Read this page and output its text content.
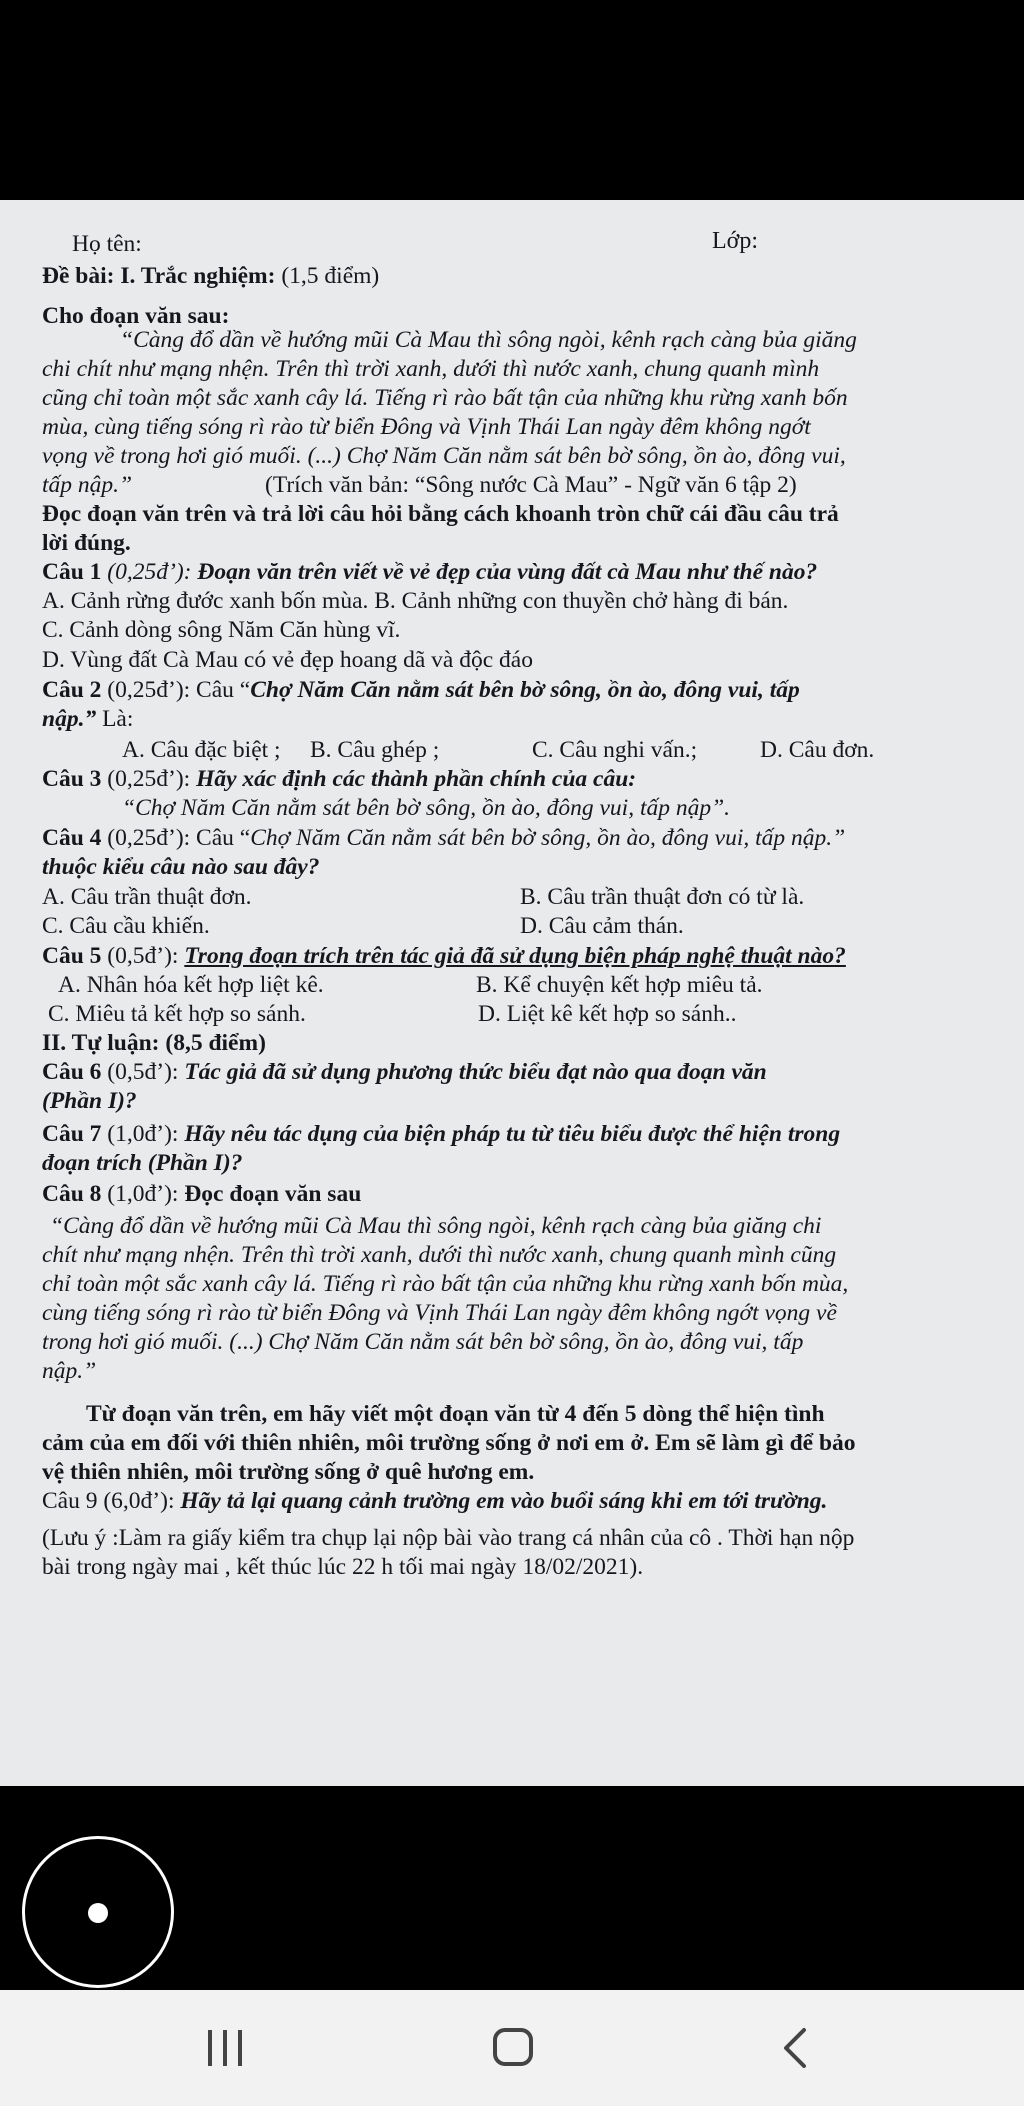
Họ tên:	Lớp:
Đề bài: I. Trắc nghiệm: (1,5 điểm)
Cho đoạn văn sau:
“Càng đổ dần về hướng mũi Cà Mau thì sông ngòi, kênh rạch càng bủa giăng
chi chít như mạng nhện. Trên thì trời xanh, dưới thì nước xanh, chung quanh mình
cũng chỉ toàn một sắc xanh cây lá. Tiếng rì rào bất tận của những khu rừng xanh bốn
mùa, cùng tiếng sóng rì rào từ biển Đông và Vịnh Thái Lan ngày đêm không ngớt
vọng về trong hơi gió muối. (...) Chợ Năm Căn nằm sát bên bờ sông, ồn ào, đông vui,
tấp nập.”	(Trích văn bản: “Sông nước Cà Mau” - Ngữ văn 6 tập 2)
Đọc đoạn văn trên và trả lời câu hỏi bằng cách khoanh tròn chữ cái đầu câu trả
lời đúng.
Câu 1 (0,25đ’): Đoạn văn trên viết về vẻ đẹp của vùng đất cà Mau như thế nào?
A. Cảnh rừng đước xanh bốn mùa. B. Cảnh những con thuyền chở hàng đi bán.
C. Cảnh dòng sông Năm Căn hùng vĩ.
D. Vùng đất Cà Mau có vẻ đẹp hoang dã và độc đáo
Câu 2 (0,25đ’): Câu “Chợ Năm Căn nằm sát bên bờ sông, ồn ào, đông vui, tấp
nập.” Là:
A. Câu đặc biệt ; B. Câu ghép ;	C. Câu nghi vấn.;	D. Câu đơn.
Câu 3 (0,25đ’): Hãy xác định các thành phần chính của câu:
“Chợ Năm Căn nằm sát bên bờ sông, ồn ào, đông vui, tấp nập”.
Câu 4 (0,25đ’): Câu “Chợ Năm Căn nằm sát bên bờ sông, ồn ào, đông vui, tấp nập.”
thuộc kiểu câu nào sau đây?
A. Câu trần thuật đơn.	B. Câu trần thuật đơn có từ là.
C. Câu cầu khiến.	D. Câu cảm thán.
Câu 5 (0,5đ’): Trong đoạn trích trên tác giả đã sử dụng biện pháp nghệ thuật nào?
A. Nhân hóa kết hợp liệt kê.	B. Kể chuyện kết hợp miêu tả.
C. Miêu tả kết hợp so sánh.	D. Liệt kê kết hợp so sánh..
II. Tự luận: (8,5 điểm)
Câu 6 (0,5đ’): Tác giả đã sử dụng phương thức biểu đạt nào qua đoạn văn
(Phần I)?
Câu 7 (1,0đ’): Hãy nêu tác dụng của biện pháp tu từ tiêu biểu được thể hiện trong
đoạn trích (Phần I)?
Câu 8 (1,0đ’): Đọc đoạn văn sau
“Càng đổ dần về hướng mũi Cà Mau thì sông ngòi, kênh rạch càng bủa giăng chi
chít như mạng nhện. Trên thì trời xanh, dưới thì nước xanh, chung quanh mình cũng
chỉ toàn một sắc xanh cây lá. Tiếng rì rào bất tận của những khu rừng xanh bốn mùa,
cùng tiếng sóng rì rào từ biển Đông và Vịnh Thái Lan ngày đêm không ngớt vọng về
trong hơi gió muối. (...) Chợ Năm Căn nằm sát bên bờ sông, ồn ào, đông vui, tấp
nập.”
Từ đoạn văn trên, em hãy viết một đoạn văn từ 4 đến 5 dòng thể hiện tình
cảm của em đối với thiên nhiên, môi trường sống ở nơi em ở. Em sẽ làm gì để bảo
vệ thiên nhiên, môi trường sống ở quê hương em.
Câu 9 (6,0đ’): Hãy tả lại quang cảnh trường em vào buổi sáng khi em tới trường.
(Lưu ý :Làm ra giấy kiểm tra chụp lại nộp bài vào trang cá nhân của cô . Thời hạn nộp
bài trong ngày mai , kết thúc lúc 22 h tối mai ngày 18/02/2021).
